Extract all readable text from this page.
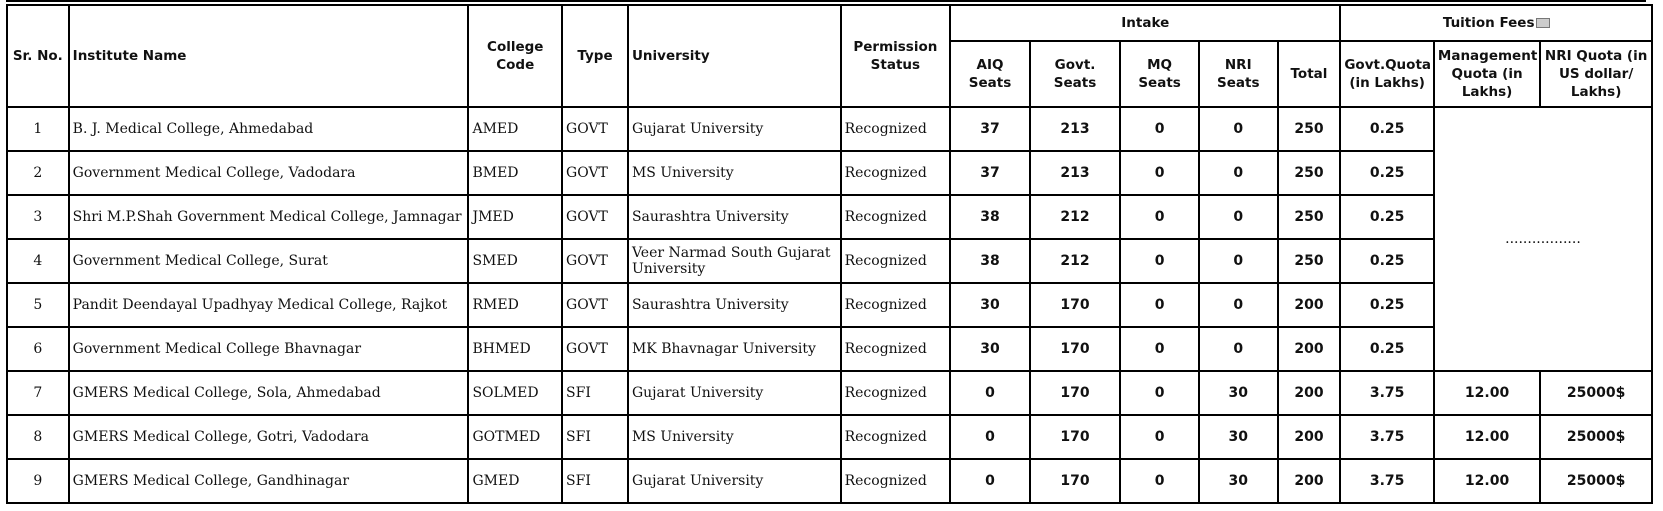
Sr. No.	Institute Name	College Code	Type	University	Permission Status	Intake					Tuition Fees		
						AIQ Seats	Govt. Seats	MQ Seats	NRI Seats	Total	Govt.Quota (in Lakhs)	Management Quota (in Lakhs)	NRI Quota (in US dollar/ Lakhs)
1	B. J. Medical College, Ahmedabad	AMED	GOVT	Gujarat University	Recognized	37	213	0	0	250	0.25	.................	
2	Government Medical College, Vadodara	BMED	GOVT	MS University	Recognized	37	213	0	0	250	0.25		
3	Shri M.P.Shah Government Medical College, Jamnagar	JMED	GOVT	Saurashtra University	Recognized	38	212	0	0	250	0.25		
4	Government Medical College, Surat	SMED	GOVT	Veer Narmad South Gujarat University	Recognized	38	212	0	0	250	0.25		
5	Pandit Deendayal Upadhyay Medical College, Rajkot	RMED	GOVT	Saurashtra University	Recognized	30	170	0	0	200	0.25		
6	Government Medical College Bhavnagar	BHMED	GOVT	MK Bhavnagar University	Recognized	30	170	0	0	200	0.25		
7	GMERS Medical College, Sola, Ahmedabad	SOLMED	SFI	Gujarat University	Recognized	0	170	0	30	200	3.75	12.00	25000$
8	GMERS Medical College, Gotri, Vadodara	GOTMED	SFI	MS University	Recognized	0	170	0	30	200	3.75	12.00	25000$
9	GMERS Medical College, Gandhinagar	GMED	SFI	Gujarat University	Recognized	0	170	0	30	200	3.75	12.00	25000$
